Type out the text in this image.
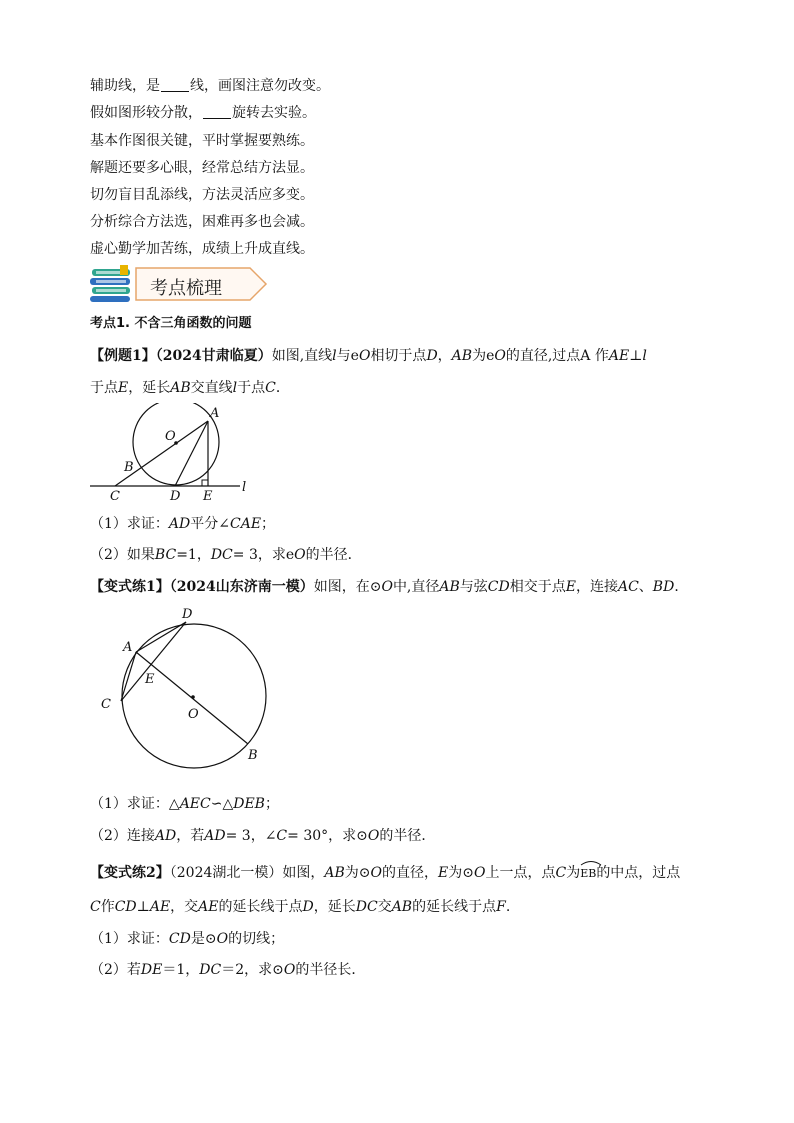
辅助线，是 线，画图注意勿改变。
假如图形较分散， 旋转去实验。
基本作图很关键，平时掌握要熟练。
解题还要多心眼，经常总结方法显。
切勿盲目乱添线，方法灵活应多变。
分析综合方法选，困难再多也会减。
虚心勤学加苦练，成绩上升成直线。
考点梳理
考点1. 不含三角函数的问题
【例题1】（2024甘肃临夏）如图,直线l与eO相切于点D，AB为eO的直径,过点A 作AE⊥l
于点E，延长AB交直线l于点C．
A
O
B
C	D E
l
（1）求证：AD平分∠CAE；
（2）如果BC=1，DC= 3，求eO的半径．
【变式练1】（2024山东济南一模）如图，在⊙O中,直径AB与弦CD相交于点E，连接AC、BD．
D
A
E
C
O
B
（1）求证：△AEC∽△DEB；
（2）连接AD，若AD= 3，∠C= 30°，求⊙O的半径．
【变式练2】（2024湖北一模）如图，AB为⊙O的直径，E为⊙O上一点，点C为
EB的中点，过点
C作CD⊥AE，交AE的延长线于点D，延长DC交AB的延长线于点F.
（1）求证：CD是⊙O的切线；
（2）若DE＝1，DC＝2，求⊙O的半径长．
